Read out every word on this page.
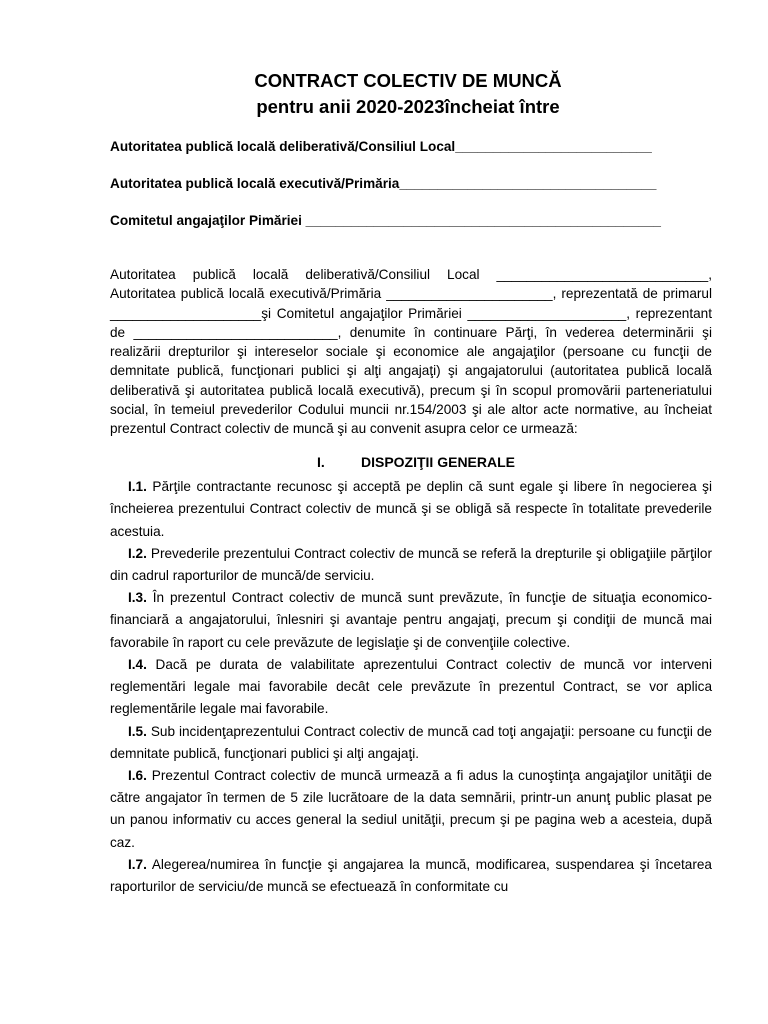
CONTRACT COLECTIV DE MUNCĂ
pentru anii 2020-2023încheiat între
Autoritatea publică locală deliberativă/Consiliul Local__________________________
Autoritatea publică locală executivă/Primăria__________________________________
Comitetul angajaţilor Pimăriei _______________________________________________

Autoritatea publică locală deliberativă/Consiliul Local ____________________________, Autoritatea publică locală executivă/Primăria ______________________, reprezentată de primarul ____________________şi Comitetul angajaţilor Primăriei _____________________, reprezentant de ___________________________, denumite în continuare Părţi, în vederea determinării şi realizării drepturilor şi intereselor sociale şi economice ale angajaţilor (persoane cu funcţii de demnitate publică, funcţionari publici şi alţi angajaţi) şi angajatorului (autoritatea publică locală deliberativă şi autoritatea publică locală executivă), precum şi în scopul promovării parteneriatului social, în temeiul prevederilor Codului muncii nr.154/2003 şi ale altor acte normative, au încheiat prezentul Contract colectiv de muncă şi au convenit asupra celor ce urmează:

I.	DISPOZIŢII GENERALE

I.1. Părţile contractante recunosc şi acceptă pe deplin că sunt egale şi libere în negocierea şi încheierea prezentului Contract colectiv de muncă şi se obligă să respecte în totalitate prevederile acestuia.

I.2. Prevederile prezentului Contract colectiv de muncă se referă la drepturile şi obligaţiile părţilor din cadrul raporturilor de muncă/de serviciu.

I.3. În prezentul Contract colectiv de muncă sunt prevăzute, în funcţie de situaţia economico-financiară a angajatorului, înlesniri şi avantaje pentru angajaţi, precum şi condiţii de muncă mai favorabile în raport cu cele prevăzute de legislaţie şi de convenţiile colective.

I.4. Dacă pe durata de valabilitate aprezentului Contract colectiv de muncă vor interveni reglementări legale mai favorabile decât cele prevăzute în prezentul Contract, se vor aplica reglementările legale mai favorabile.

I.5. Sub incidenţaprezentului Contract colectiv de muncă cad toţi angajaţii: persoane cu funcţii de demnitate publică, funcţionari publici şi alţi angajaţi.

I.6. Prezentul Contract colectiv de muncă urmează a fi adus la cunoştinţa angajaţilor unităţii de către angajator în termen de 5 zile lucrătoare de la data semnării, printr-un anunţ public plasat pe un panou informativ cu acces general la sediul unităţii, precum şi pe pagina web a acesteia, după caz.

I.7. Alegerea/numirea în funcţie şi angajarea la muncă, modificarea, suspendarea şi încetarea raporturilor de serviciu/de muncă se efectuează în conformitate cu
